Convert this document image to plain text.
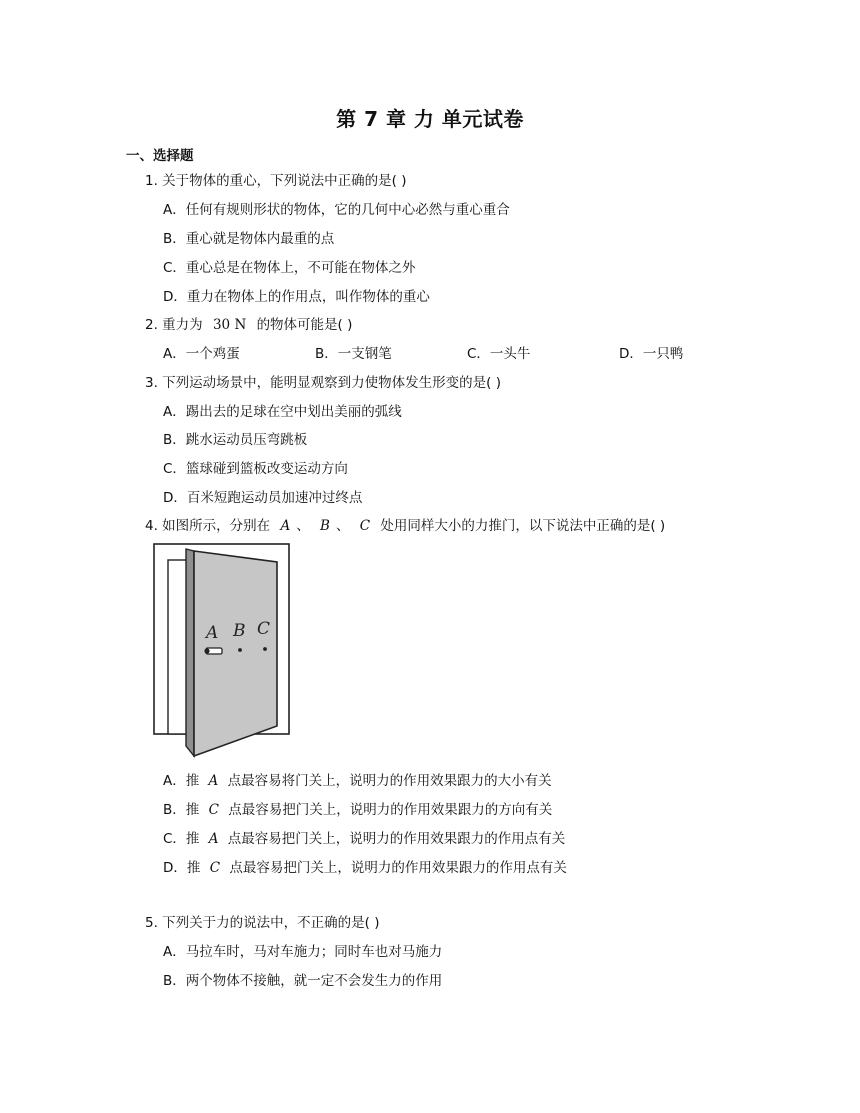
第 7 章 力 单元试卷
一、选择题
1. 关于物体的重心，下列说法中正确的是( )
A．任何有规则形状的物体，它的几何中心必然与重心重合
B．重心就是物体内最重的点
C．重心总是在物体上，不可能在物体之外
D．重力在物体上的作用点，叫作物体的重心
2. 重力为 30 N 的物体可能是( )
A．一个鸡蛋	B．一支钢笔	C．一头牛	D．一只鸭
3. 下列运动场景中，能明显观察到力使物体发生形变的是( )
A．踢出去的足球在空中划出美丽的弧线
B．跳水运动员压弯跳板
C．篮球碰到篮板改变运动方向
D．百米短跑运动员加速冲过终点
4. 如图所示，分别在 A 、 B 、 C 处用同样大小的力推门，以下说法中正确的是( )
A B C
A．推 A 点最容易将门关上，说明力的作用效果跟力的大小有关
B．推 C 点最容易把门关上，说明力的作用效果跟力的方向有关
C．推 A 点最容易把门关上，说明力的作用效果跟力的作用点有关
D．推 C 点最容易把门关上，说明力的作用效果跟力的作用点有关
5. 下列关于力的说法中，不正确的是( )
A．马拉车时，马对车施力；同时车也对马施力
B．两个物体不接触，就一定不会发生力的作用
